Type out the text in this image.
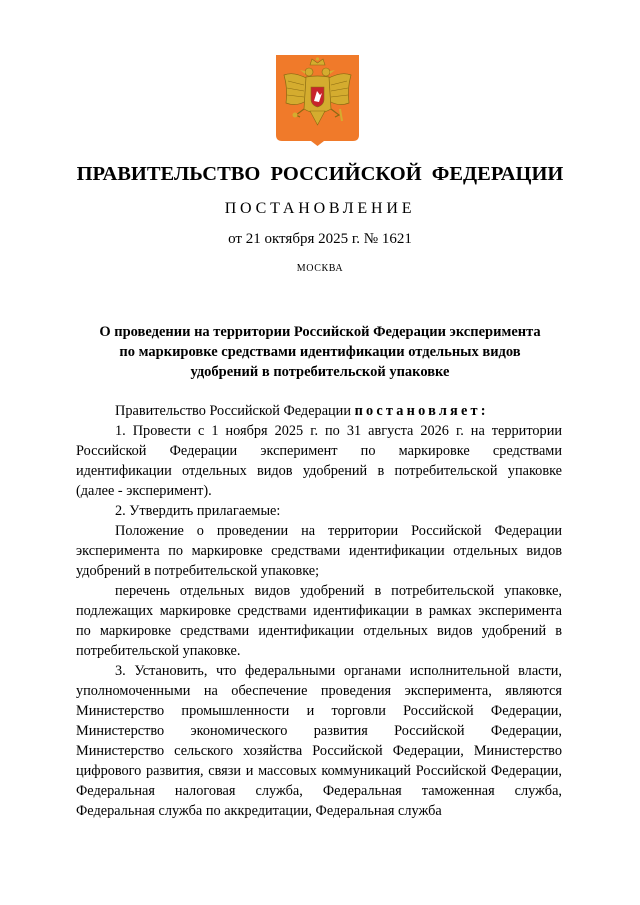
ПРАВИТЕЛЬСТВО РОССИЙСКОЙ ФЕДЕРАЦИИ
ПОСТАНОВЛЕНИЕ
от 21 октября 2025 г. № 1621
МОСКВА
О проведении на территории Российской Федерации эксперимента
по маркировке средствами идентификации отдельных видов
удобрений в потребительской упаковке

Правительство Российской Федерации постановляет:

1. Провести с 1 ноября 2025 г. по 31 августа 2026 г. на территории Российской Федерации эксперимент по маркировке средствами идентификации отдельных видов удобрений в потребительской упаковке (далее - эксперимент).

2. Утвердить прилагаемые:

Положение о проведении на территории Российской Федерации эксперимента по маркировке средствами идентификации отдельных видов удобрений в потребительской упаковке;

перечень отдельных видов удобрений в потребительской упаковке, подлежащих маркировке средствами идентификации в рамках эксперимента по маркировке средствами идентификации отдельных видов удобрений в потребительской упаковке.

3. Установить, что федеральными органами исполнительной власти, уполномоченными на обеспечение проведения эксперимента, являются Министерство промышленности и торговли Российской Федерации, Министерство экономического развития Российской Федерации, Министерство сельского хозяйства Российской Федерации, Министерство цифрового развития, связи и массовых коммуникаций Российской Федерации, Федеральная налоговая служба, Федеральная таможенная служба, Федеральная служба по аккредитации, Федеральная служба
